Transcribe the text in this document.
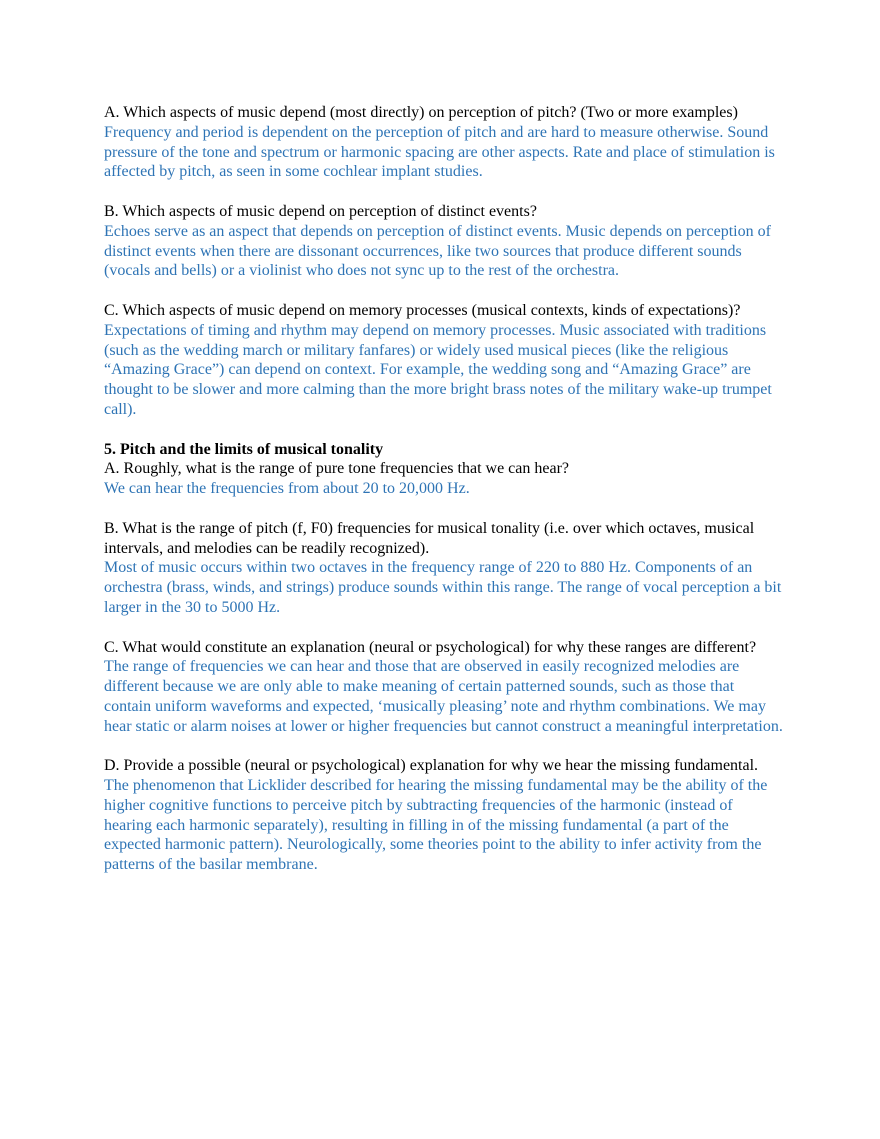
A. Which aspects of music depend (most directly) on perception of pitch? (Two or more examples)

Frequency and period is dependent on the perception of pitch and are hard to measure otherwise. Sound pressure of the tone and spectrum or harmonic spacing are other aspects. Rate and place of stimulation is affected by pitch, as seen in some cochlear implant studies.

B. Which aspects of music depend on perception of distinct events?

Echoes serve as an aspect that depends on perception of distinct events. Music depends on perception of distinct events when there are dissonant occurrences, like two sources that produce different sounds (vocals and bells) or a violinist who does not sync up to the rest of the orchestra.

C. Which aspects of music depend on memory processes (musical contexts, kinds of expectations)?

Expectations of timing and rhythm may depend on memory processes. Music associated with traditions (such as the wedding march or military fanfares) or widely used musical pieces (like the religious “Amazing Grace”) can depend on context. For example, the wedding song and “Amazing Grace” are thought to be slower and more calming than the more bright brass notes of the military wake-up trumpet call).

5. Pitch and the limits of musical tonality

A. Roughly, what is the range of pure tone frequencies that we can hear?

We can hear the frequencies from about 20 to 20,000 Hz.

B. What is the range of pitch (f, F0) frequencies for musical tonality (i.e. over which octaves, musical intervals, and melodies can be readily recognized).

Most of music occurs within two octaves in the frequency range of 220 to 880 Hz. Components of an orchestra (brass, winds, and strings) produce sounds within this range. The range of vocal perception a bit larger in the 30 to 5000 Hz.

C. What would constitute an explanation (neural or psychological) for why these ranges are different?

The range of frequencies we can hear and those that are observed in easily recognized melodies are different because we are only able to make meaning of certain patterned sounds, such as those that contain uniform waveforms and expected, ‘musically pleasing’ note and rhythm combinations. We may hear static or alarm noises at lower or higher frequencies but cannot construct a meaningful interpretation.

D. Provide a possible (neural or psychological) explanation for why we hear the missing fundamental.

The phenomenon that Licklider described for hearing the missing fundamental may be the ability of the higher cognitive functions to perceive pitch by subtracting frequencies of the harmonic (instead of hearing each harmonic separately), resulting in filling in of the missing fundamental (a part of the expected harmonic pattern). Neurologically, some theories point to the ability to infer activity from the patterns of the basilar membrane.
